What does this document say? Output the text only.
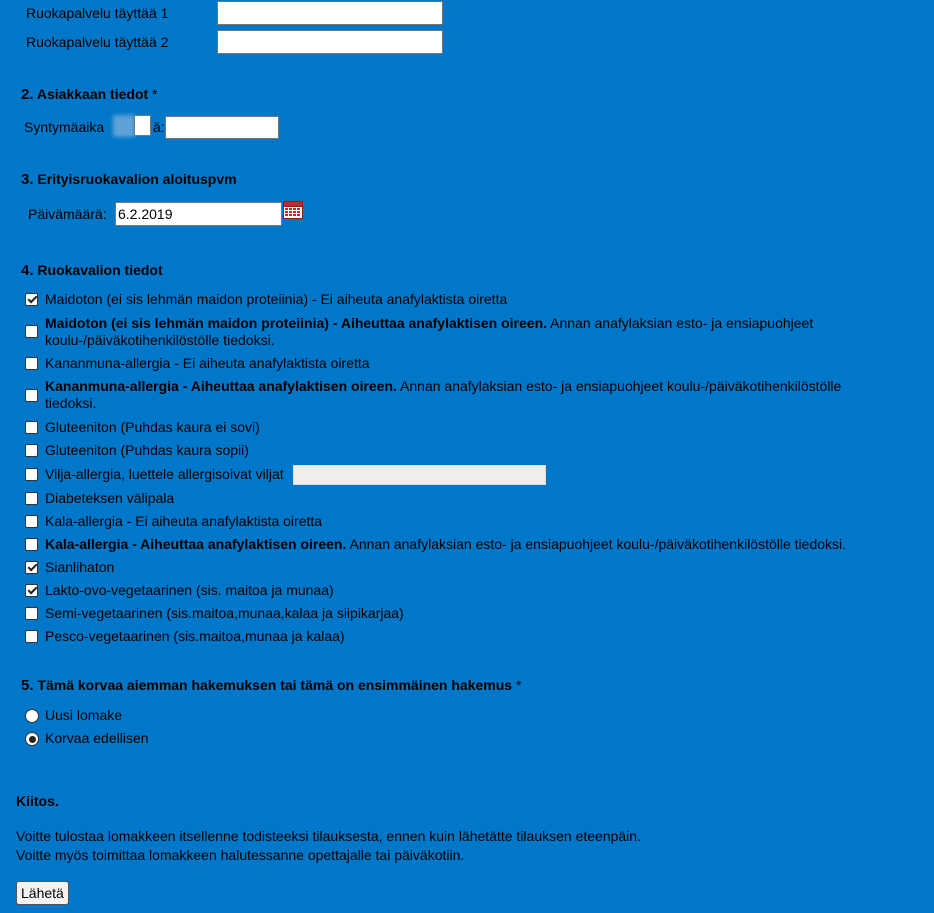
Ruokapalvelu täyttää 1
Ruokapalvelu täyttää 2
2. Asiakkaan tiedot *
Syntymäaika	ä:
3. Erityisruokavalion aloituspvm
Päivämäärä:
6.2.2019
4. Ruokavalion tiedot
Maidoton (ei sis lehmän maidon proteiinia) - Ei aiheuta anafylaktista oiretta
Maidoton (ei sis lehmän maidon proteiinia) - Aiheuttaa anafylaktisen oireen. Annan anafylaksian esto- ja ensiapuohjeet
koulu-/päiväkotihenkilöstölle tiedoksi.
Kananmuna-allergia - Ei aiheuta anafylaktista oiretta
Kananmuna-allergia - Aiheuttaa anafylaktisen oireen. Annan anafylaksian esto- ja ensiapuohjeet koulu-/päiväkotihenkilöstölle
tiedoksi.
Gluteeniton (Puhdas kaura ei sovi)
Gluteeniton (Puhdas kaura sopii)
Vilja-allergia, luettele allergisoivat viljat
Diabeteksen välipala
Kala-allergia - Ei aiheuta anafylaktista oiretta
Kala-allergia - Aiheuttaa anafylaktisen oireen. Annan anafylaksian esto- ja ensiapuohjeet koulu-/päiväkotihenkilöstölle tiedoksi.
Sianlihaton
Lakto-ovo-vegetaarinen (sis. maitoa ja munaa)
Semi-vegetaarinen (sis.maitoa,munaa,kalaa ja siipikarjaa)
Pesco-vegetaarinen (sis.maitoa,munaa ja kalaa)
5. Tämä korvaa aiemman hakemuksen tai tämä on ensimmäinen hakemus *
Uusi lomake
Korvaa edellisen
Kiitos.
Voitte tulostaa lomakkeen itsellenne todisteeksi tilauksesta, ennen kuin lähetätte tilauksen eteenpäin.
Voitte myös toimittaa lomakkeen halutessanne opettajalle tai päiväkotiin.
Lähetä
